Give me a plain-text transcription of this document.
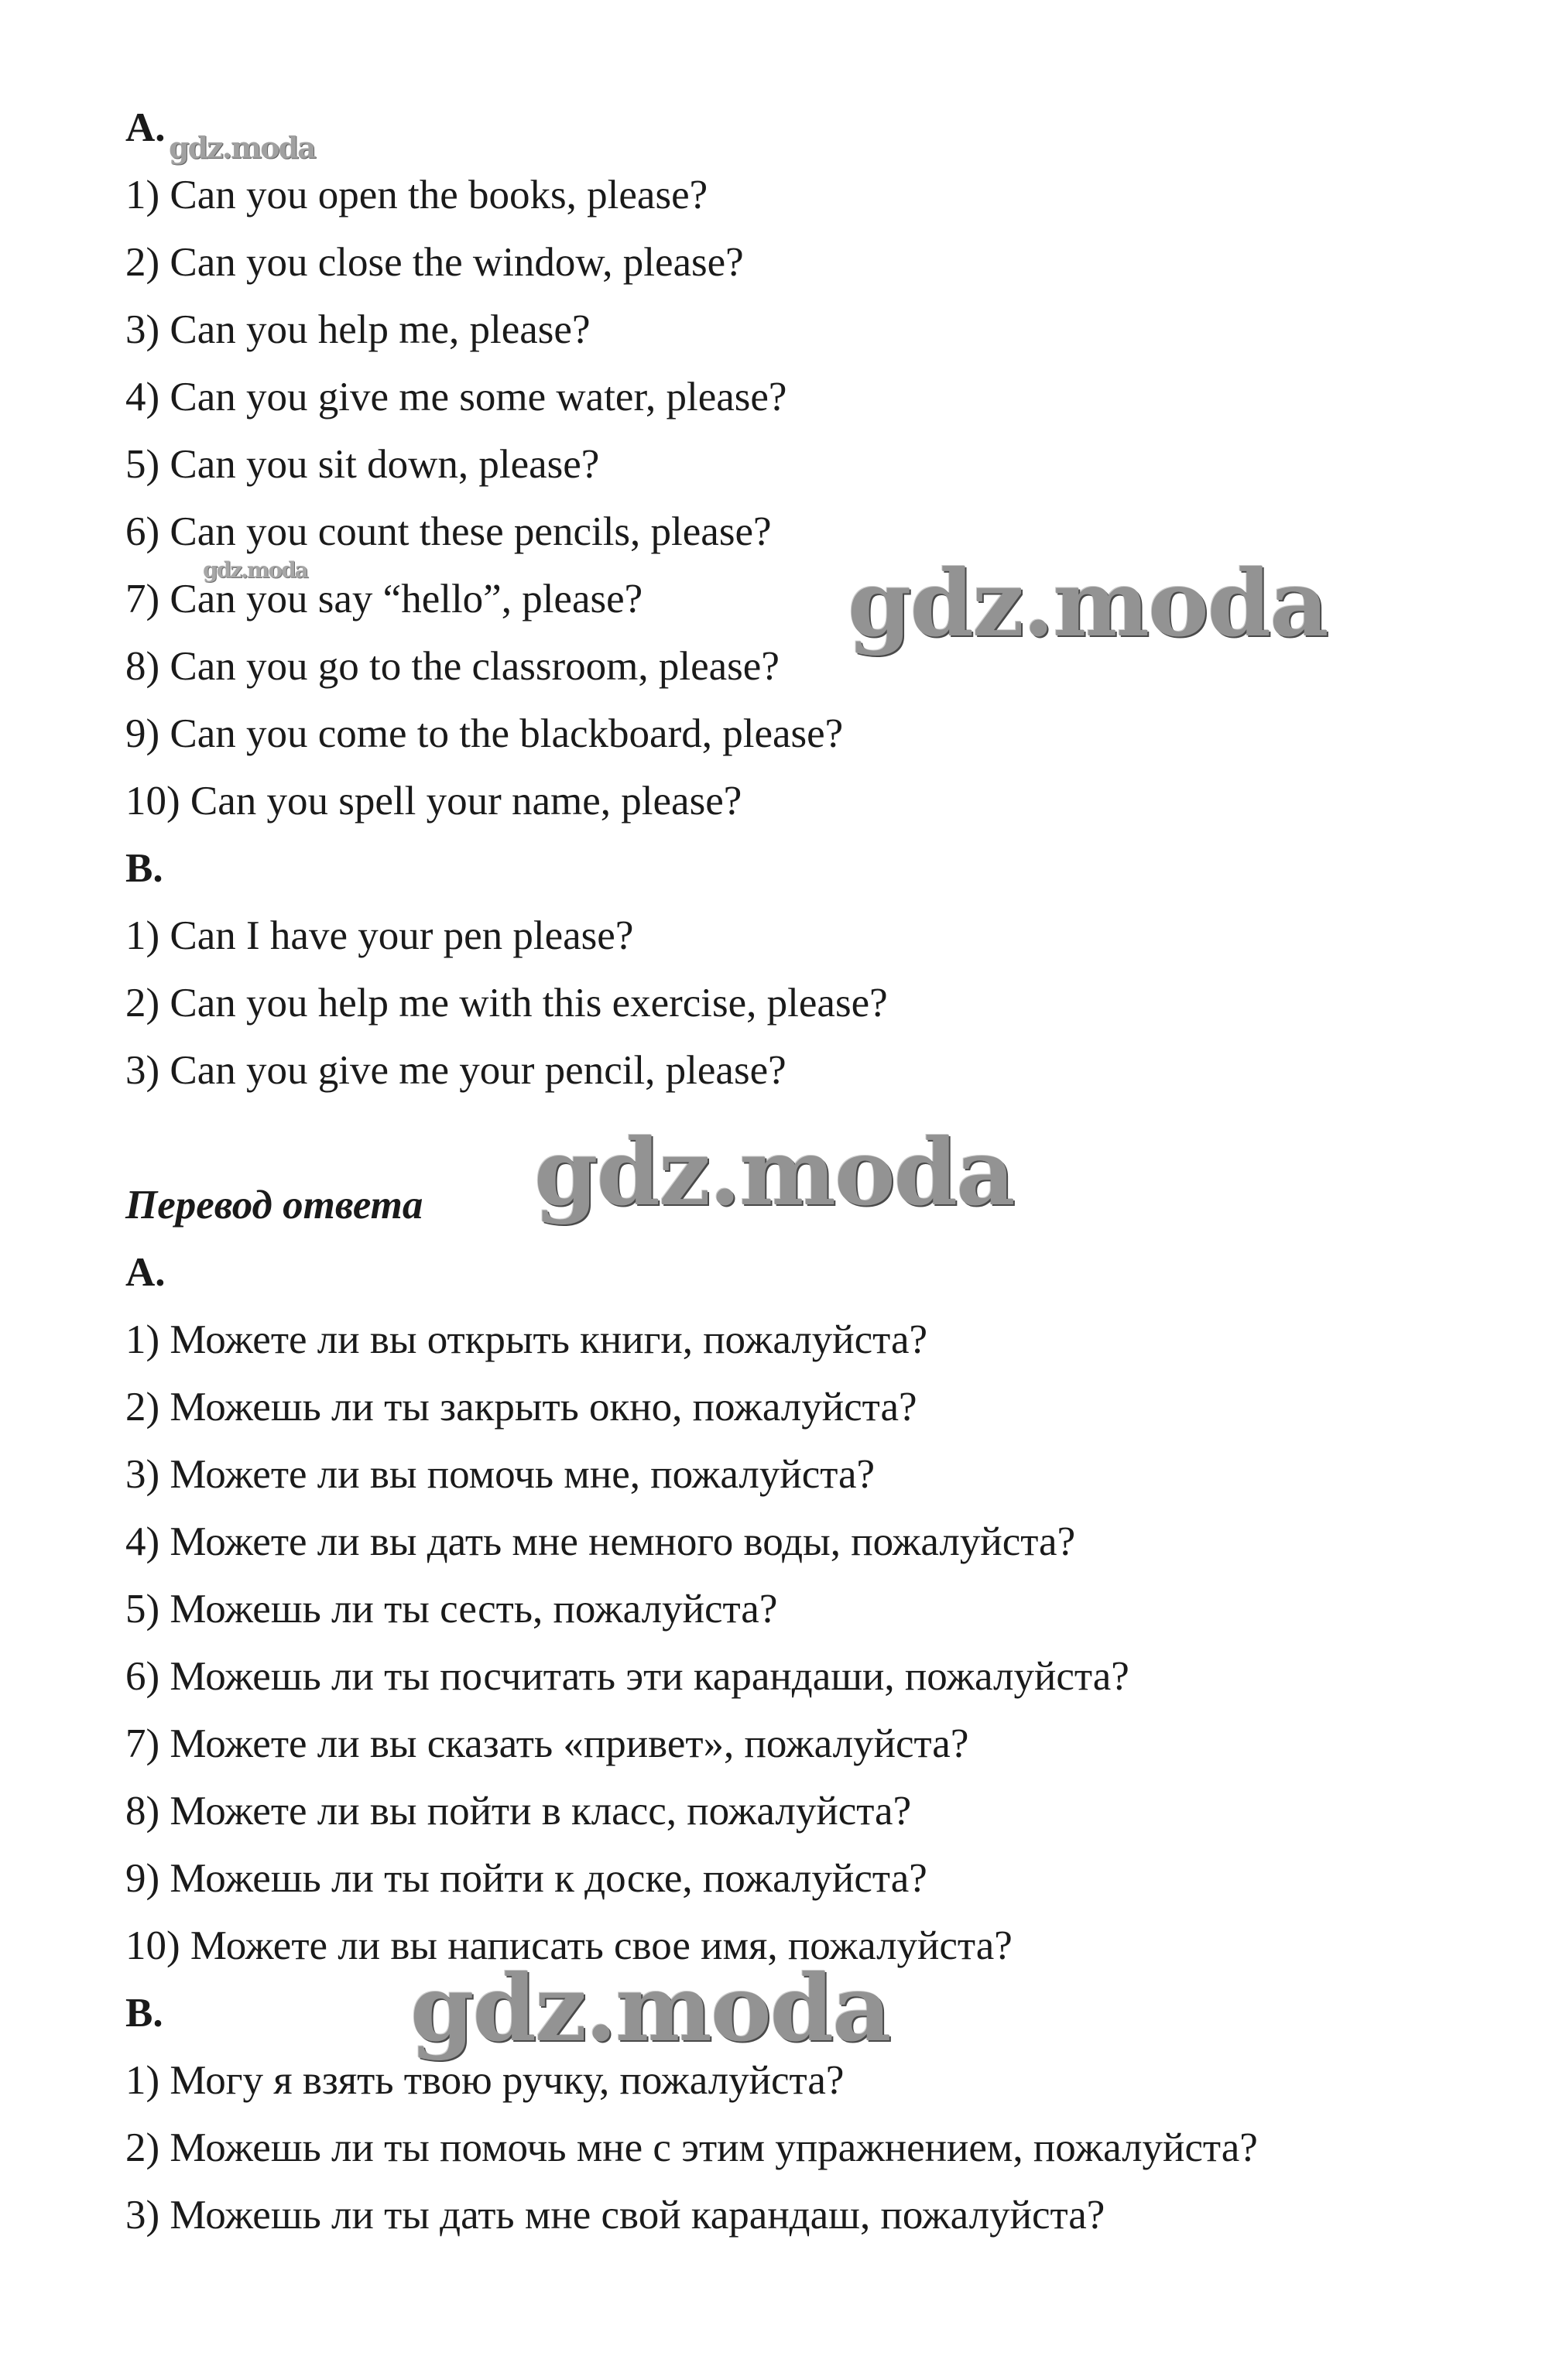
A.
1) Can you open the books, please?
2) Can you close the window, please?
3) Can you help me, please?
4) Can you give me some water, please?
5) Can you sit down, please?
6) Can you count these pencils, please?
7) Can you say “hello”, please?
8) Can you go to the classroom, please?
9) Can you come to the blackboard, please?
10) Can you spell your name, please?
B.
1) Can I have your pen please?
2) Can you help me with this exercise, please?
3) Can you give me your pencil, please?
Перевод ответа
A.
1) Можете ли вы открыть книги, пожалуйста?
2) Можешь ли ты закрыть окно, пожалуйста?
3) Можете ли вы помочь мне, пожалуйста?
4) Можете ли вы дать мне немного воды, пожалуйста?
5) Можешь ли ты сесть, пожалуйста?
6) Можешь ли ты посчитать эти карандаши, пожалуйста?
7) Можете ли вы сказать «привет», пожалуйста?
8) Можете ли вы пойти в класс, пожалуйста?
9) Можешь ли ты пойти к доске, пожалуйста?
10) Можете ли вы написать свое имя, пожалуйста?
B.
1) Могу я взять твою ручку, пожалуйста?
2) Можешь ли ты помочь мне с этим упражнением, пожалуйста?
3) Можешь ли ты дать мне свой карандаш, пожалуйста?
gdz.moda
gdz.moda	gdz.moda
gdz.moda
gdz.moda
